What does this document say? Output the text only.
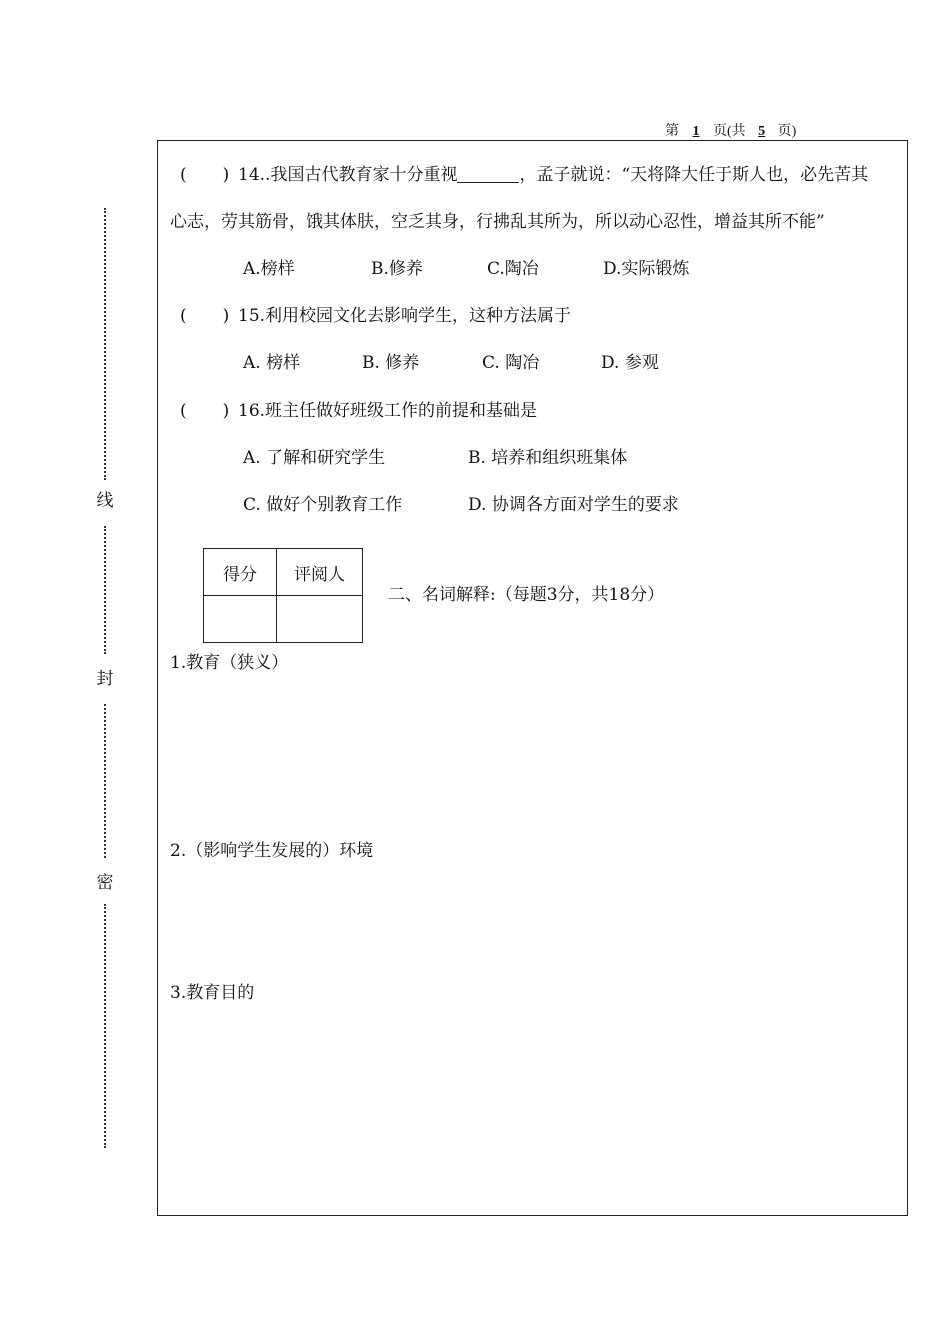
第 1 页(共 5 页)
线
封
密
( ) 14..我国古代教育家十分重视	，孟子就说：“天将降大任于斯人也，必先苦其
心志，劳其筋骨，饿其体肤，空乏其身，行拂乱其所为，所以动心忍性，增益其所不能”
A.榜样	B.修养	C.陶冶	D.实际锻炼
( ) 15.利用校园文化去影响学生，这种方法属于
A. 榜样	B. 修养	C. 陶冶	D. 参观
( ) 16.班主任做好班级工作的前提和基础是
A. 了解和研究学生	B. 培养和组织班集体
C. 做好个别教育工作	D. 协调各方面对学生的要求
得分	评阅人

二、名词解释:（每题3分，共18分）
1.教育（狭义）
2.（影响学生发展的）环境
3.教育目的
